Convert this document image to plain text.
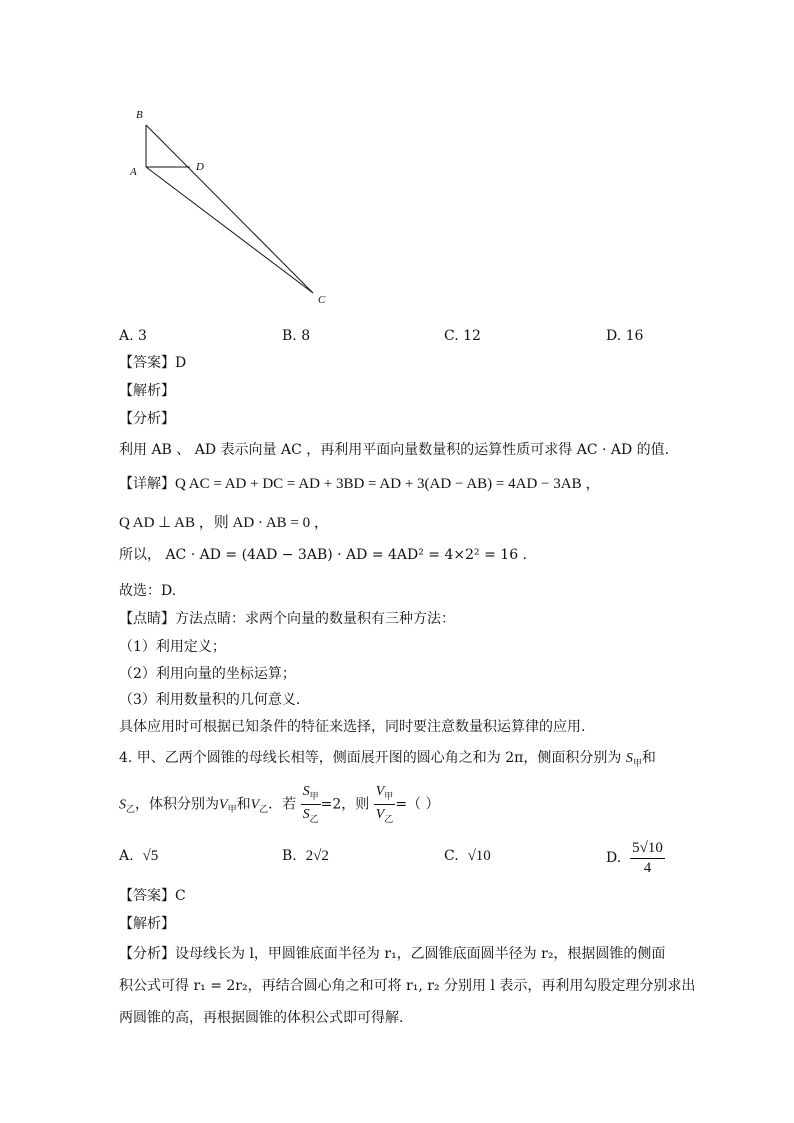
B
A	D
C
A. 3	B. 8	C. 12	D. 16
【答案】D
【解析】
【分析】
利用 AB 、 AD 表示向量 AC ，再利用平面向量数量积的运算性质可求得 AC · AD 的值.
【详解】Q AC = AD + DC = AD + 3BD = AD + 3(AD − AB) = 4AD − 3AB ，
Q AD ⊥ AB ，则 AD · AB = 0 ，
所以， AC · AD = (4AD − 3AB) · AD = 4AD² = 4×2² = 16 .
故选：D.
【点睛】方法点睛：求两个向量的数量积有三种方法：
（1）利用定义；
（2）利用向量的坐标运算；
（3）利用数量积的几何意义.
具体应用时可根据已知条件的特征来选择，同时要注意数量积运算律的应用.
4. 甲、乙两个圆锥的母线长相等，侧面展开图的圆心角之和为 2π，侧面积分别为 $S_甲$和
$S_乙$，体积分别为$V_甲$和$V_乙$．若 $\frac{S_甲}{S_乙} =2$，则 $\frac{V_甲}{V_乙}$ =（ ）
A. √5	B. 2√2	C. √10	D. $\frac{5√10}{4}$
【答案】C
【解析】
【分析】设母线长为 l，甲圆锥底面半径为 r₁，乙圆锥底面圆半径为 r₂，根据圆锥的侧面
积公式可得 r₁ = 2r₂，再结合圆心角之和可将 r₁, r₂ 分别用 l 表示，再利用勾股定理分别求出
两圆锥的高，再根据圆锥的体积公式即可得解.
